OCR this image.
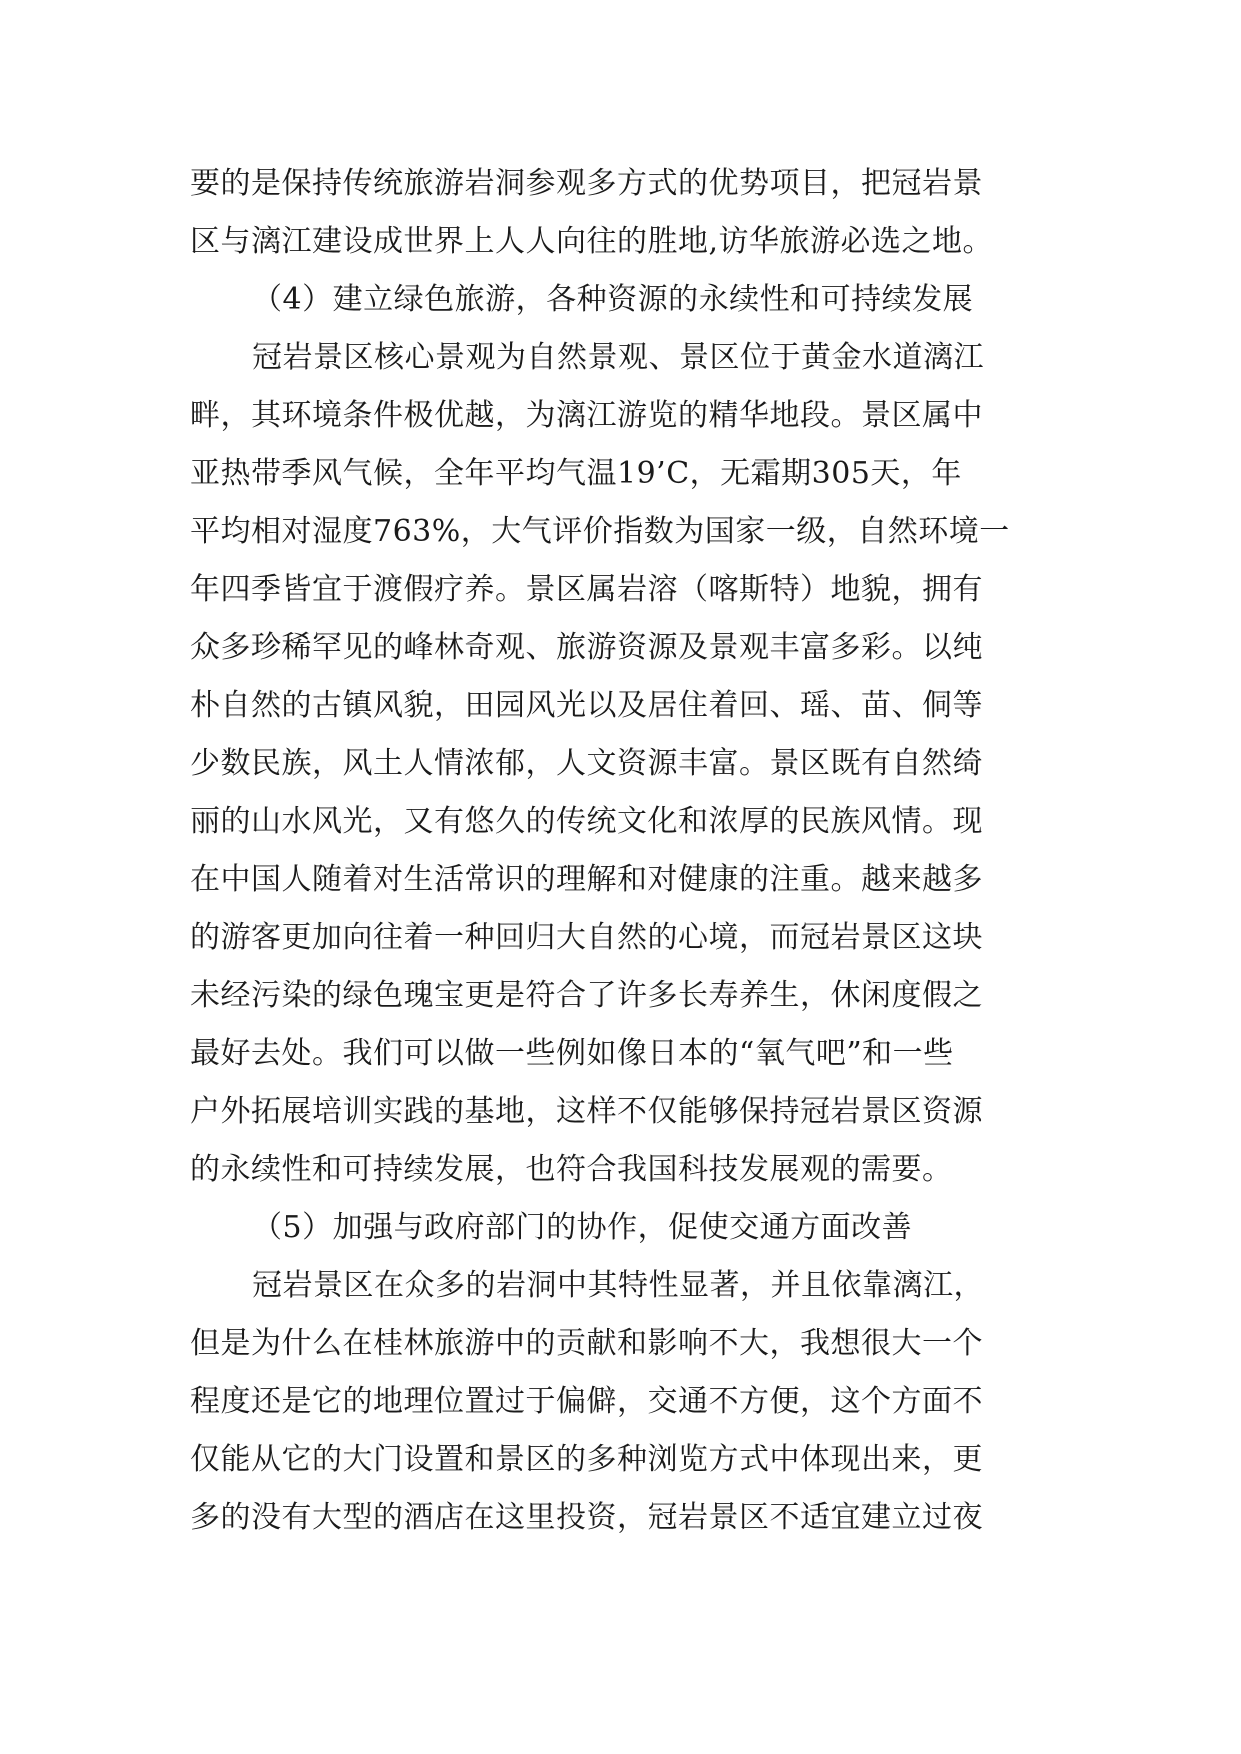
要的是保持传统旅游岩洞参观多方式的优势项目，把冠岩景
区与漓江建设成世界上人人向往的胜地,访华旅游必选之地。
（4）建立绿色旅游，各种资源的永续性和可持续发展
冠岩景区核心景观为自然景观、景区位于黄金水道漓江
畔，其环境条件极优越，为漓江游览的精华地段。景区属中
亚热带季风气候，全年平均气温19’C，无霜期305天，年
平均相对湿度763%，大气评价指数为国家一级，自然环境一
年四季皆宜于渡假疗养。景区属岩溶（喀斯特）地貌，拥有
众多珍稀罕见的峰林奇观、旅游资源及景观丰富多彩。以纯
朴自然的古镇风貌，田园风光以及居住着回、瑶、苗、侗等
少数民族，风土人情浓郁，人文资源丰富。景区既有自然绮
丽的山水风光，又有悠久的传统文化和浓厚的民族风情。现
在中国人随着对生活常识的理解和对健康的注重。越来越多
的游客更加向往着一种回归大自然的心境，而冠岩景区这块
未经污染的绿色瑰宝更是符合了许多长寿养生，休闲度假之
最好去处。我们可以做一些例如像日本的“氧气吧”和一些
户外拓展培训实践的基地，这样不仅能够保持冠岩景区资源
的永续性和可持续发展，也符合我国科技发展观的需要。
（5）加强与政府部门的协作，促使交通方面改善
冠岩景区在众多的岩洞中其特性显著，并且依靠漓江，
但是为什么在桂林旅游中的贡献和影响不大，我想很大一个
程度还是它的地理位置过于偏僻，交通不方便，这个方面不
仅能从它的大门设置和景区的多种浏览方式中体现出来，更
多的没有大型的酒店在这里投资，冠岩景区不适宜建立过夜
